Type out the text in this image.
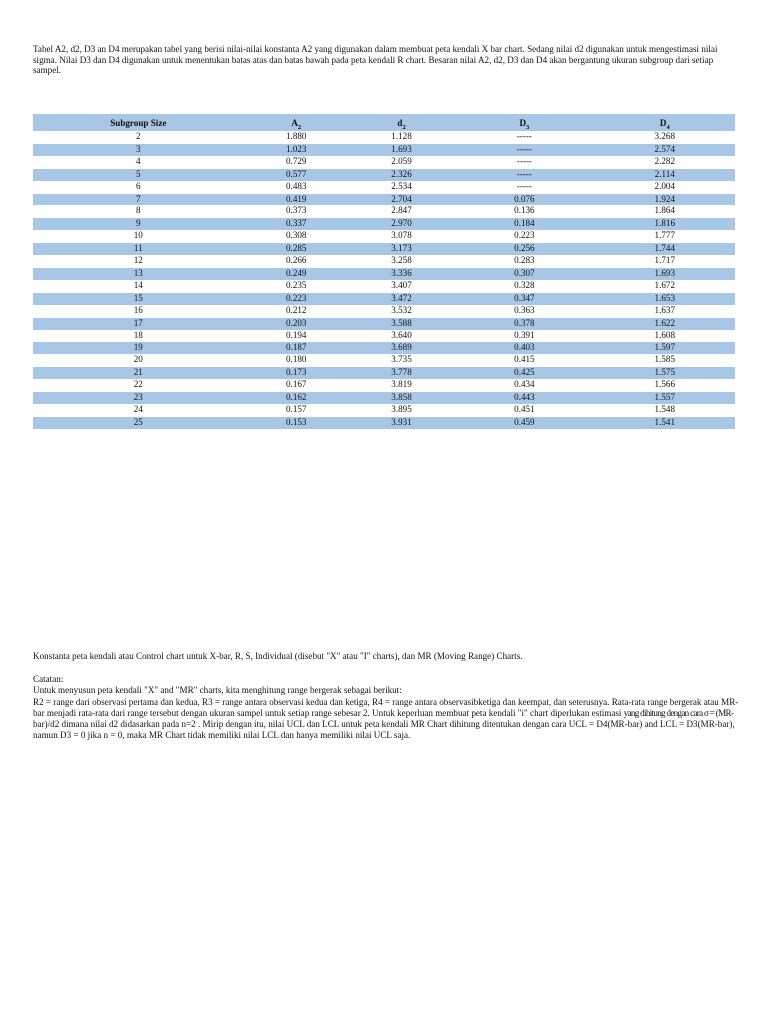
Tabel A2, d2, D3 an D4 merupakan tabel yang berisi nilai-nilai konstanta A2 yang digunakan dalam membuat peta kendali X bar chart. Sedang nilai d2 digunakan untuk mengestimasi nilai sigma. Nilai D3 dan D4 digunakan untuk menentukan batas atas dan batas bawah pada peta kendali R chart. Besaran nilai A2, d2, D3 dan D4 akan bergantung ukuran subgroup dari setiap sampel.

Subgroup Size	$A_2$	$d_2$	$D_3$	$D_4$
2	1.880	1.128	-----	3.268
3	1.023	1.693	-----	2.574
4	0.729	2.059	-----	2.282
5	0.577	2.326	-----	2.114
6	0.483	2.534	-----	2.004
7	0.419	2.704	0.076	1.924
8	0.373	2.847	0.136	1.864
9	0.337	2.970	0.184	1.816
10	0.308	3.078	0.223	1.777
11	0.285	3.173	0.256	1.744
12	0.266	3.258	0.283	1.717
13	0.249	3.336	0.307	1.693
14	0.235	3.407	0.328	1.672
15	0.223	3.472	0.347	1.653
16	0.212	3.532	0.363	1.637
17	0.203	3.588	0.378	1.622
18	0.194	3.640	0.391	1.608
19	0.187	3.689	0.403	1.597
20	0.180	3.735	0.415	1.585
21	0.173	3.778	0.425	1.575
22	0.167	3.819	0.434	1.566
23	0.162	3.858	0.443	1.557
24	0.157	3.895	0.451	1.548
25	0.153	3.931	0.459	1.541

Konstanta peta kendali atau Control chart untuk X-bar, R, S, Individual (disebut "X" atau "I" charts), dan MR (Moving Range) Charts.

Catatan:

Untuk menyusun peta kendali "X" and "MR" charts, kita menghitung range bergerak sebagai berikut:

R2 = range dari observasi pertama dan kedua, R3 = range antara observasi kedua dan ketiga, R4 = range antara observasibketiga dan keempat, dan seterusnya. Rata-rata range bergerak atau MR-bar menjadi rata-rata dari range tersebut dengan ukuran sampel untuk setiap range sebesar 2. Untuk keperluan membuat peta kendali "i" chart diperlukan estimasi yang dihitung dengan cara σ = (MR-bar)/d2 dimana nilai d2 didasarkan pada n=2 . Mirip dengan itu, nilai UCL dan LCL untuk peta kendali MR Chart dihitung ditentukan dengan cara UCL = D4(MR-bar) and LCL = D3(MR-bar), namun D3 = 0 jika n = 0, maka MR Chart tidak memiliki nilai LCL dan hanya memiliki nilai UCL saja.
